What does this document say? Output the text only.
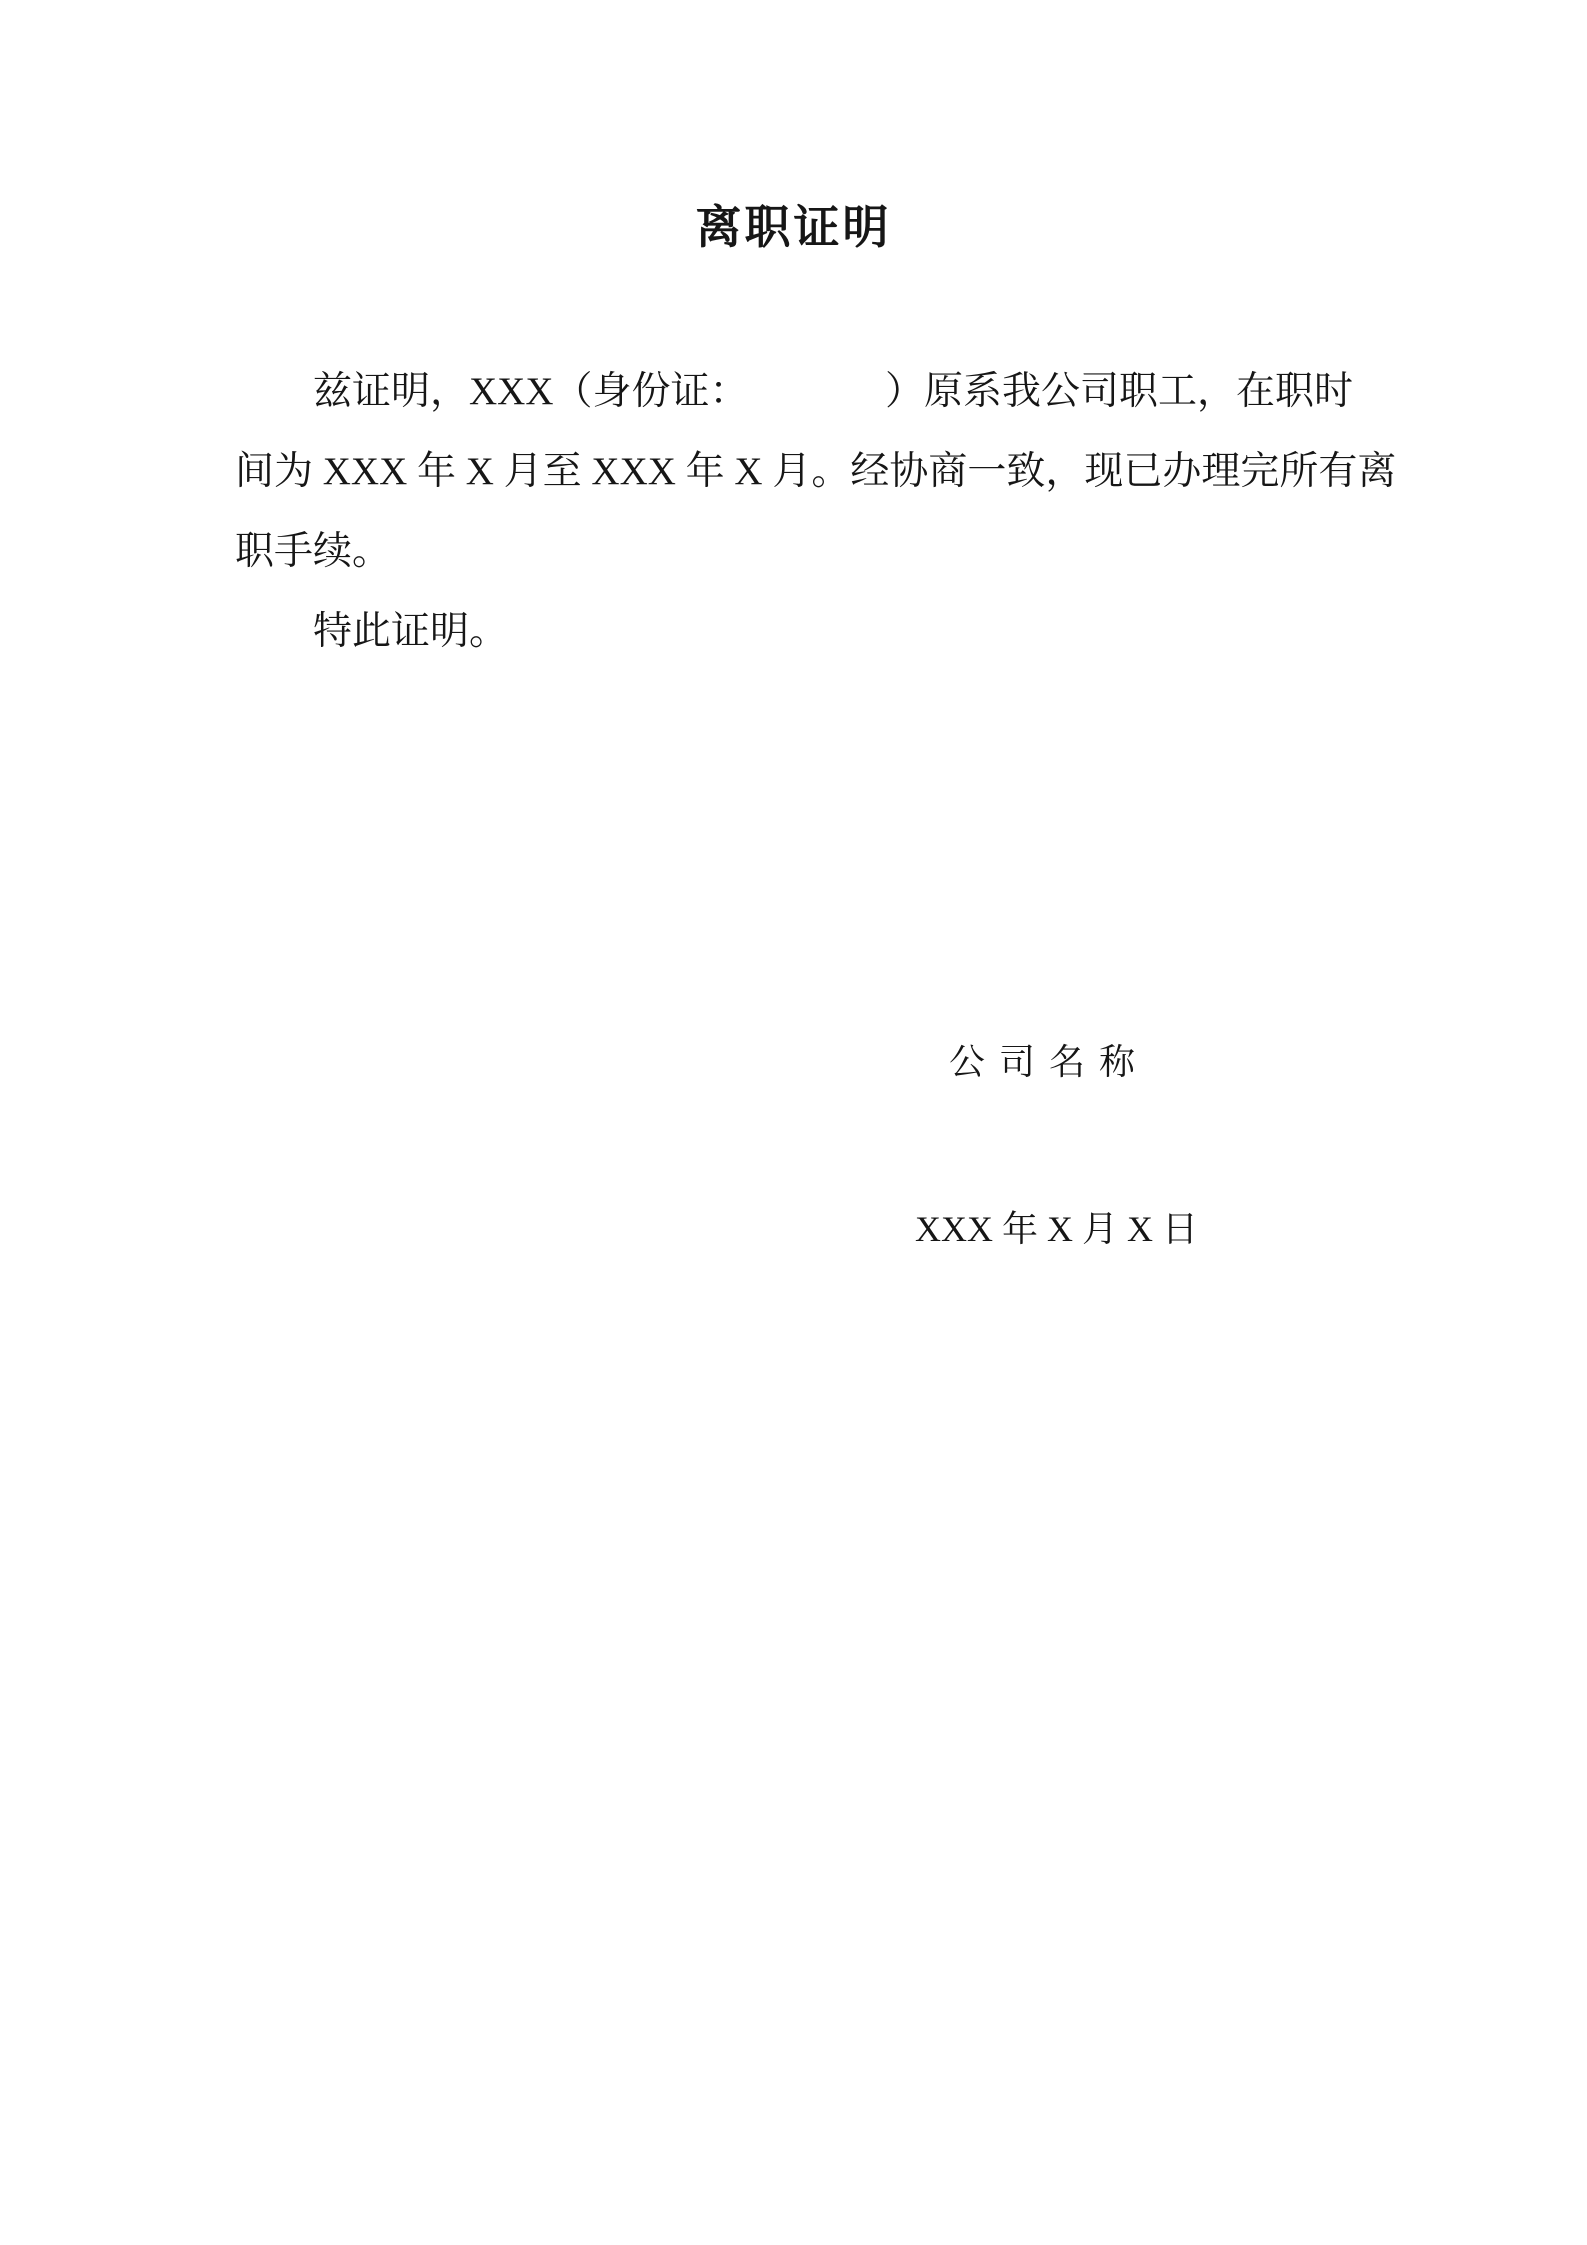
离职证明
兹证明，XXX（身份证：　　　　）原系我公司职工，在职时
间为 XXX 年 X 月至 XXX 年 X 月。经协商一致，现已办理完所有离
职手续。
特此证明。
公司名称
XXX 年 X 月 X 日
